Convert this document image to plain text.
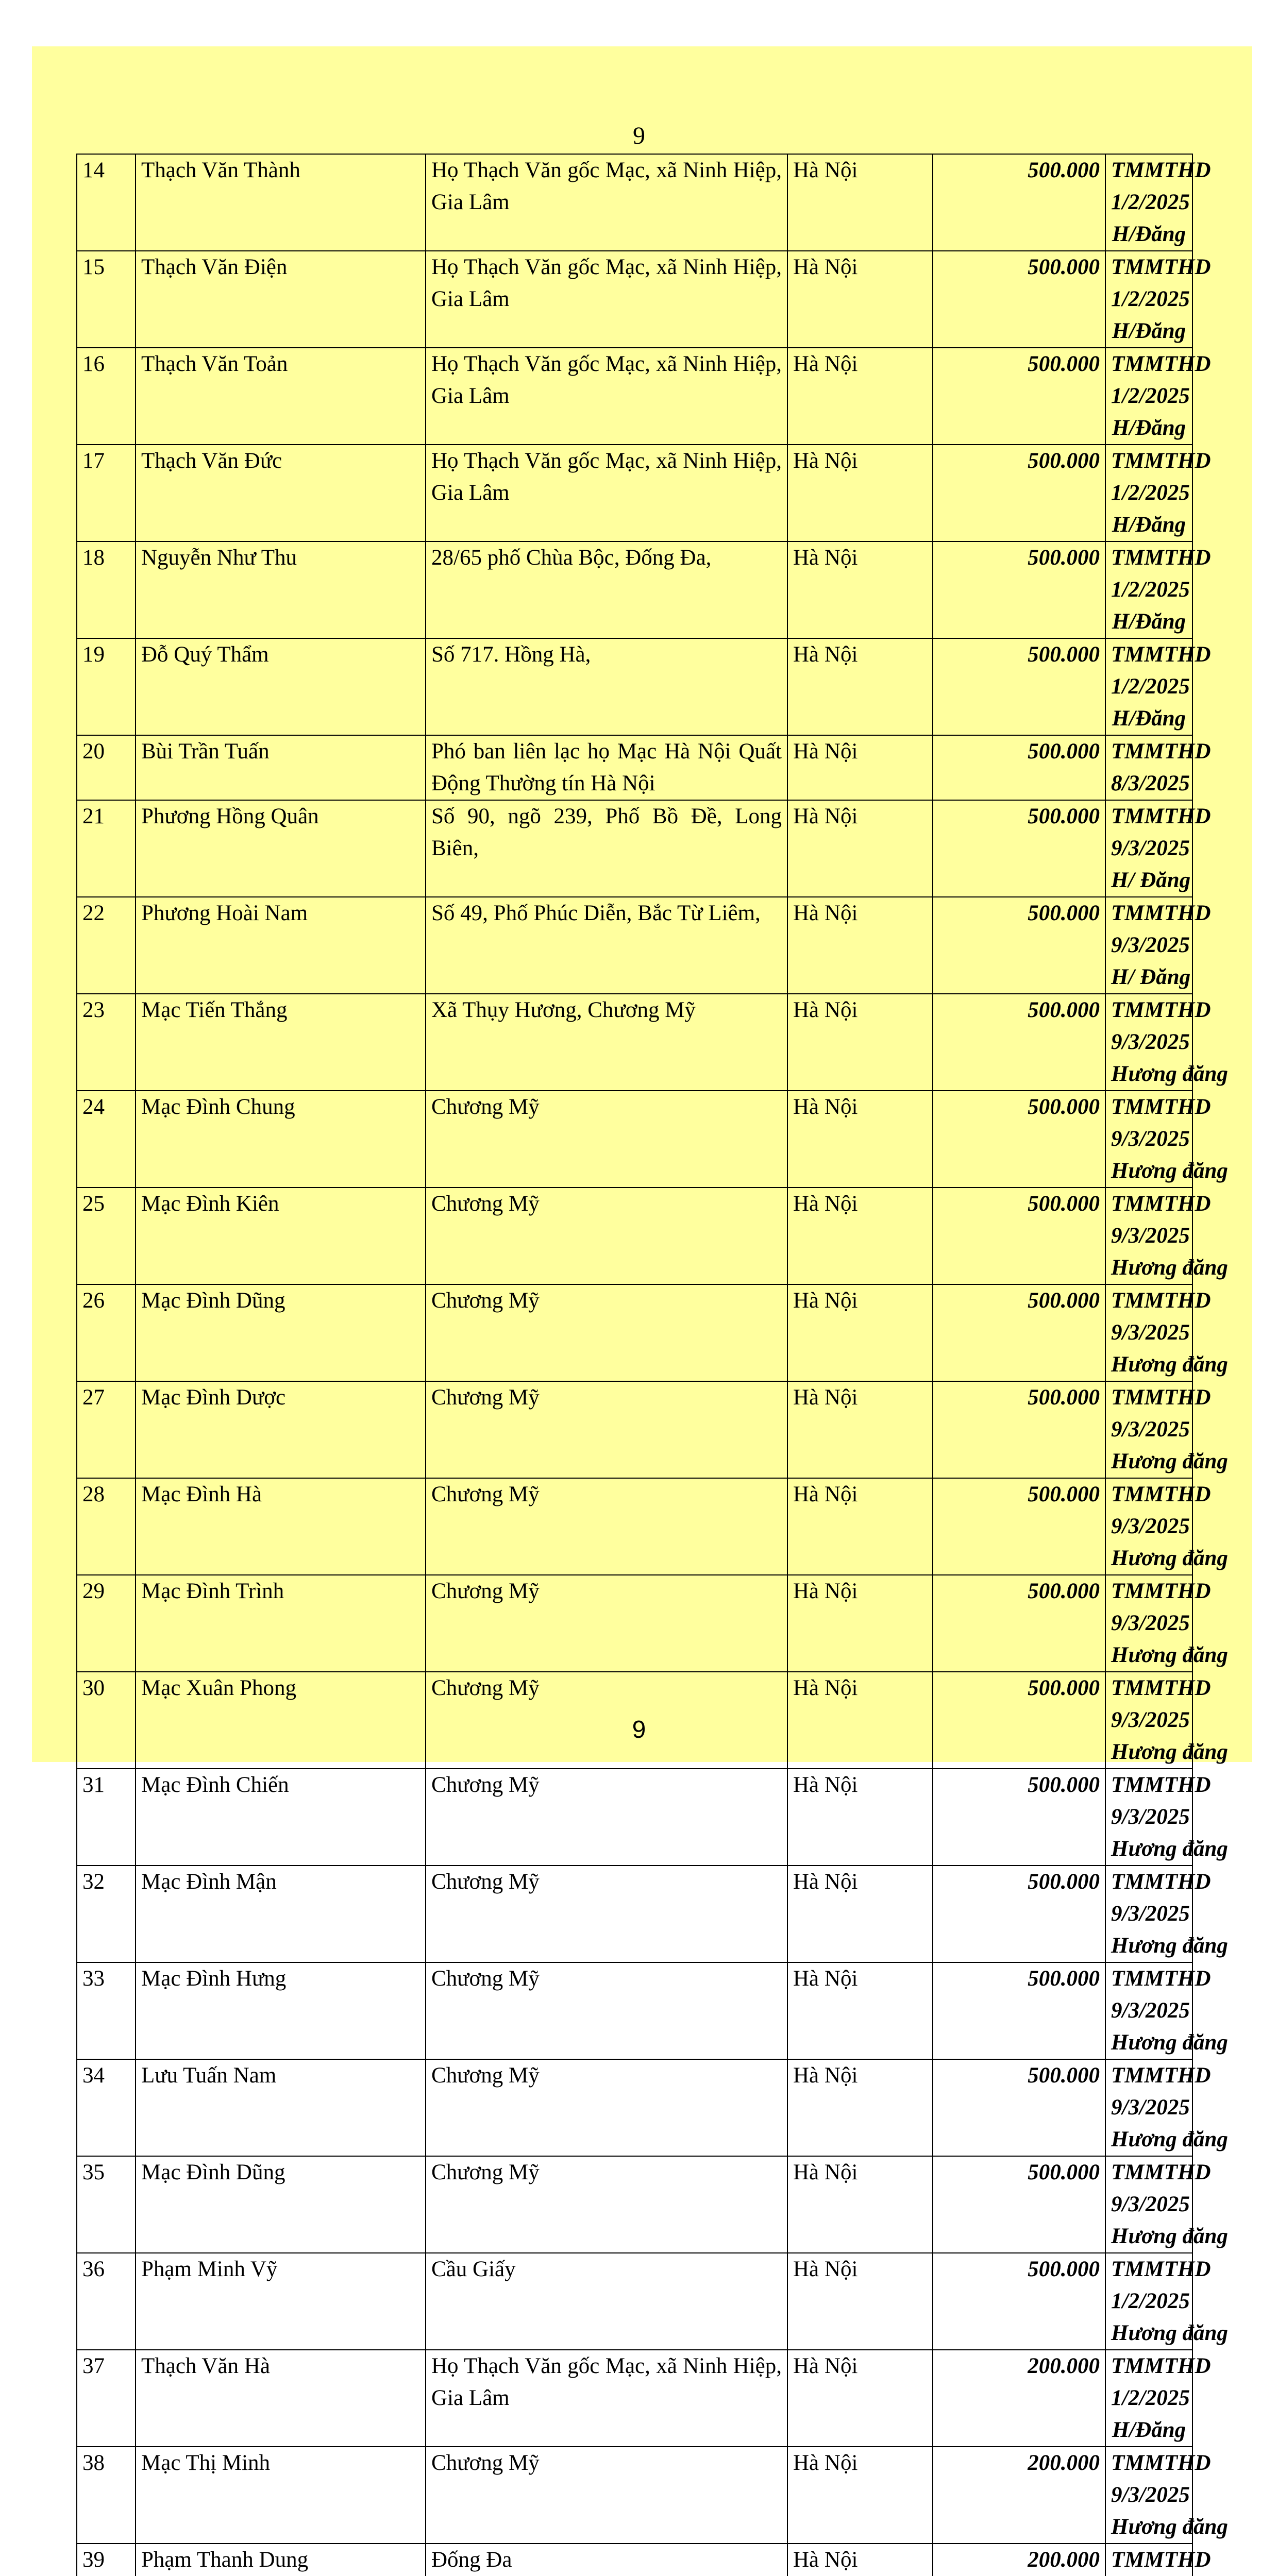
9
14	Thạch Văn Thành	Họ Thạch Văn gốc Mạc, xã Ninh Hiệp, Gia Lâm	Hà Nội	500.000	TMMTHD
1/2/2025
H/Đăng

15	Thạch Văn Điện	Họ Thạch Văn gốc Mạc, xã Ninh Hiệp, Gia Lâm	Hà Nội	500.000	TMMTHD
1/2/2025
H/Đăng

16	Thạch Văn Toản	Họ Thạch Văn gốc Mạc, xã Ninh Hiệp, Gia Lâm	Hà Nội	500.000	TMMTHD
1/2/2025
H/Đăng

17	Thạch Văn Đức	Họ Thạch Văn gốc Mạc, xã Ninh Hiệp, Gia Lâm	Hà Nội	500.000	TMMTHD
1/2/2025
H/Đăng

18	Nguyễn Như Thu	28/65 phố Chùa Bộc, Đống Đa,	Hà Nội	500.000	TMMTHD
1/2/2025
H/Đăng

19	Đỗ Quý Thẩm	Số 717. Hồng Hà,	Hà Nội	500.000	TMMTHD
1/2/2025
H/Đăng

20	Bùi Trần Tuấn	Phó ban liên lạc họ Mạc Hà Nội Quất Động Thường tín Hà Nội	Hà Nội	500.000	TMMTHD
8/3/2025

21	Phương Hồng Quân	Số 90, ngõ 239, Phố Bồ Đề, Long Biên,	Hà Nội	500.000	TMMTHD
9/3/2025
H/ Đăng

22	Phương Hoài Nam	Số 49, Phố Phúc Diễn, Bắc Từ Liêm,	Hà Nội	500.000	TMMTHD
9/3/2025
H/ Đăng

23	Mạc Tiến Thắng	Xã Thụy Hương, Chương Mỹ	Hà Nội	500.000	TMMTHD
9/3/2025
Hương đăng

24	Mạc Đình Chung	Chương Mỹ	Hà Nội	500.000	TMMTHD
9/3/2025
Hương đăng

25	Mạc Đình Kiên	Chương Mỹ	Hà Nội	500.000	TMMTHD
9/3/2025
Hương đăng

26	Mạc Đình Dũng	Chương Mỹ	Hà Nội	500.000	TMMTHD
9/3/2025
Hương đăng

27	Mạc Đình Dược	Chương Mỹ	Hà Nội	500.000	TMMTHD
9/3/2025
Hương đăng

28	Mạc Đình Hà	Chương Mỹ	Hà Nội	500.000	TMMTHD
9/3/2025
Hương đăng

29	Mạc Đình Trình	Chương Mỹ	Hà Nội	500.000	TMMTHD
9/3/2025
Hương đăng

30	Mạc Xuân Phong	Chương Mỹ	Hà Nội	500.000	TMMTHD
9/3/2025
Hương đăng

31	Mạc Đình Chiến	Chương Mỹ	Hà Nội	500.000	TMMTHD
9/3/2025
Hương đăng

32	Mạc Đình Mận	Chương Mỹ	Hà Nội	500.000	TMMTHD
9/3/2025
Hương đăng

33	Mạc Đình Hưng	Chương Mỹ	Hà Nội	500.000	TMMTHD
9/3/2025
Hương đăng

34	Lưu Tuấn Nam	Chương Mỹ	Hà Nội	500.000	TMMTHD
9/3/2025
Hương đăng

35	Mạc Đình Dũng	Chương Mỹ	Hà Nội	500.000	TMMTHD
9/3/2025
Hương đăng

36	Phạm Minh Vỹ	Cầu Giấy	Hà Nội	500.000	TMMTHD
1/2/2025
Hương đăng

37	Thạch Văn Hà	Họ Thạch Văn gốc Mạc, xã Ninh Hiệp, Gia Lâm	Hà Nội	200.000	TMMTHD
1/2/2025
H/Đăng

38	Mạc Thị Minh	Chương Mỹ	Hà Nội	200.000	TMMTHD
9/3/2025
Hương đăng

39	Phạm Thanh Dung	Đống Đa	Hà Nội	200.000	TMMTHD
9
